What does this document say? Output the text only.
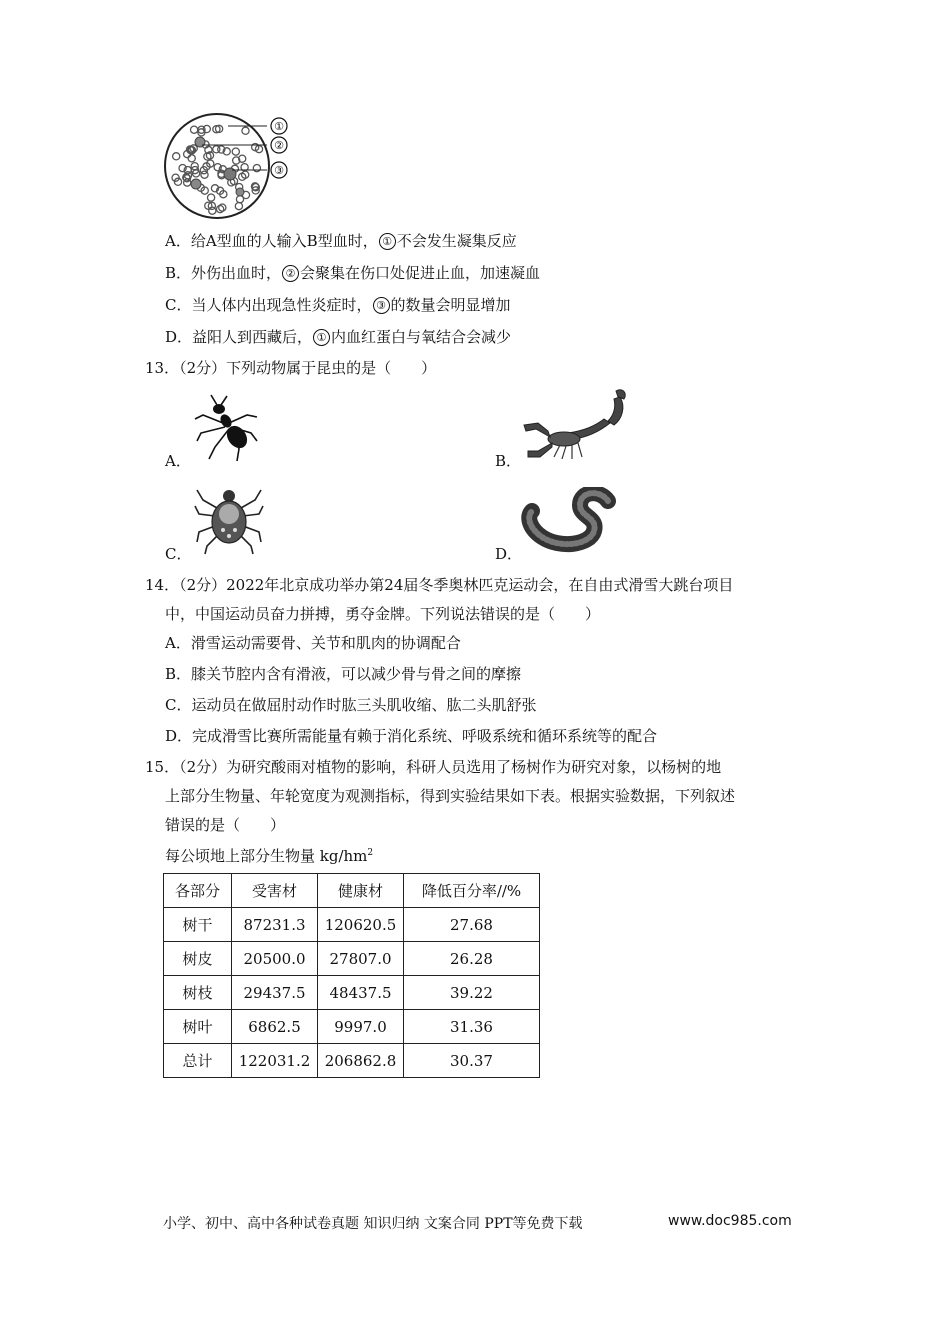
①
②
③
A．给A型血的人输入B型血时， ① 不会发生凝集反应
B．外伤出血时， ② 会聚集在伤口处促进止血，加速凝血
C．当人体内出现急性炎症时， ③ 的数量会明显增加
D．益阳人到西藏后， ① 内血红蛋白与氧结合会减少
13．（2分）下列动物属于昆虫的是（　　）
A．	B．
C．	D．
14．（2分）2022年北京成功举办第24届冬季奥林匹克运动会，在自由式滑雪大跳台项目
中，中国运动员奋力拼搏，勇夺金牌。下列说法错误的是（　　）
A．滑雪运动需要骨、关节和肌肉的协调配合
B．膝关节腔内含有滑液，可以减少骨与骨之间的摩擦
C．运动员在做屈肘动作时肱三头肌收缩、肱二头肌舒张
D．完成滑雪比赛所需能量有赖于消化系统、呼吸系统和循环系统等的配合
15．（2分）为研究酸雨对植物的影响，科研人员选用了杨树作为研究对象，以杨树的地
上部分生物量、年轮宽度为观测指标，得到实验结果如下表。根据实验数据，下列叙述
错误的是（　　）
每公顷地上部分生物量 $kg/hm^2$
各部分	受害材	健康材	降低百分率//%
树干	87231.3	120620.5	27.68
树皮	20500.0	27807.0	26.28
树枝	29437.5	48437.5	39.22
树叶	6862.5	9997.0	31.36
总计	122031.2	206862.8	30.37
小学、初中、高中各种试卷真题 知识归纳 文案合同 PPT等免费下载	www.doc985.com
